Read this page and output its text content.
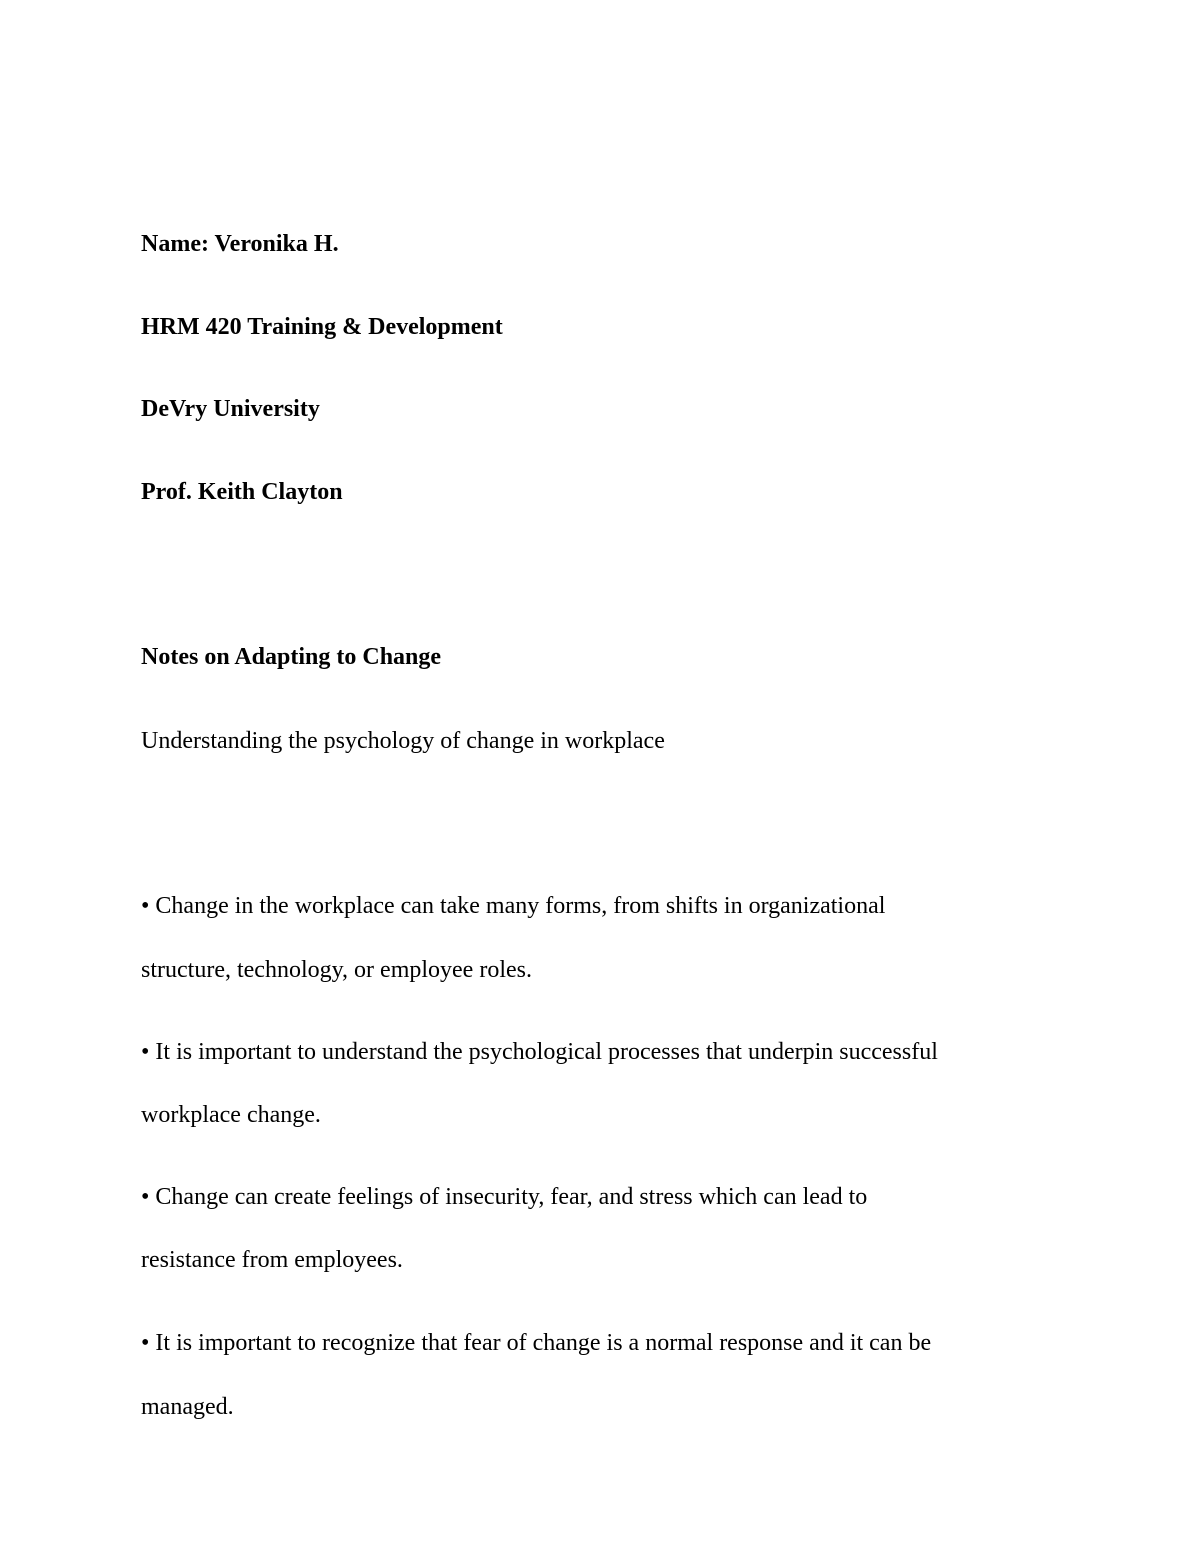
Name: Veronika H.

HRM 420 Training & Development

DeVry University

Prof. Keith Clayton

Notes on Adapting to Change

Understanding the psychology of change in workplace

• Change in the workplace can take many forms, from shifts in organizational

structure, technology, or employee roles.

• It is important to understand the psychological processes that underpin successful

workplace change.

• Change can create feelings of insecurity, fear, and stress which can lead to

resistance from employees.

• It is important to recognize that fear of change is a normal response and it can be

managed.
